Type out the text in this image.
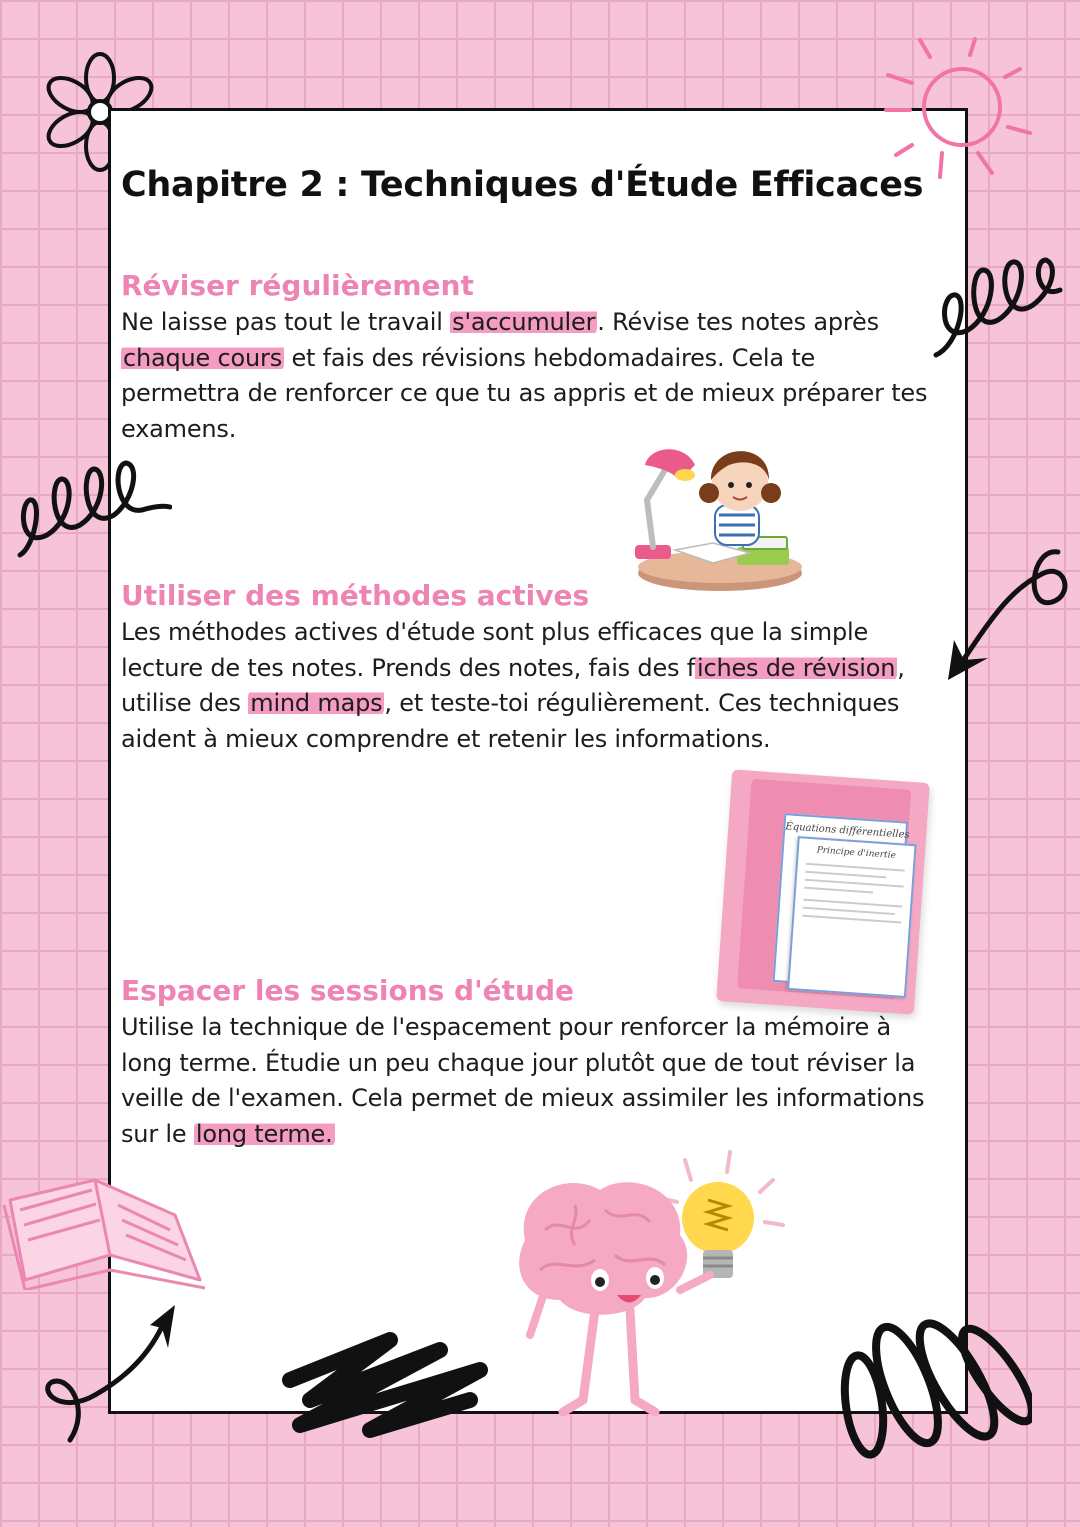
Chapitre 2 : Techniques d'Étude Efficaces
Réviser régulièrement

Ne laisse pas tout le travail s'accumuler. Révise tes notes après chaque cours et fais des révisions hebdomadaires. Cela te permettra de renforcer ce que tu as appris et de mieux préparer tes examens.

Utiliser des méthodes actives

Les méthodes actives d'étude sont plus efficaces que la simple lecture de tes notes. Prends des notes, fais des fiches de révision, utilise des mind maps, et teste-toi régulièrement. Ces techniques aident à mieux comprendre et retenir les informations.

Espacer les sessions d'étude

Utilise la technique de l'espacement pour renforcer la mémoire à long terme. Étudie un peu chaque jour plutôt que de tout réviser la veille de l'examen. Cela permet de mieux assimiler les informations sur le long terme.

Équations différentielles
Principe d'inertie
